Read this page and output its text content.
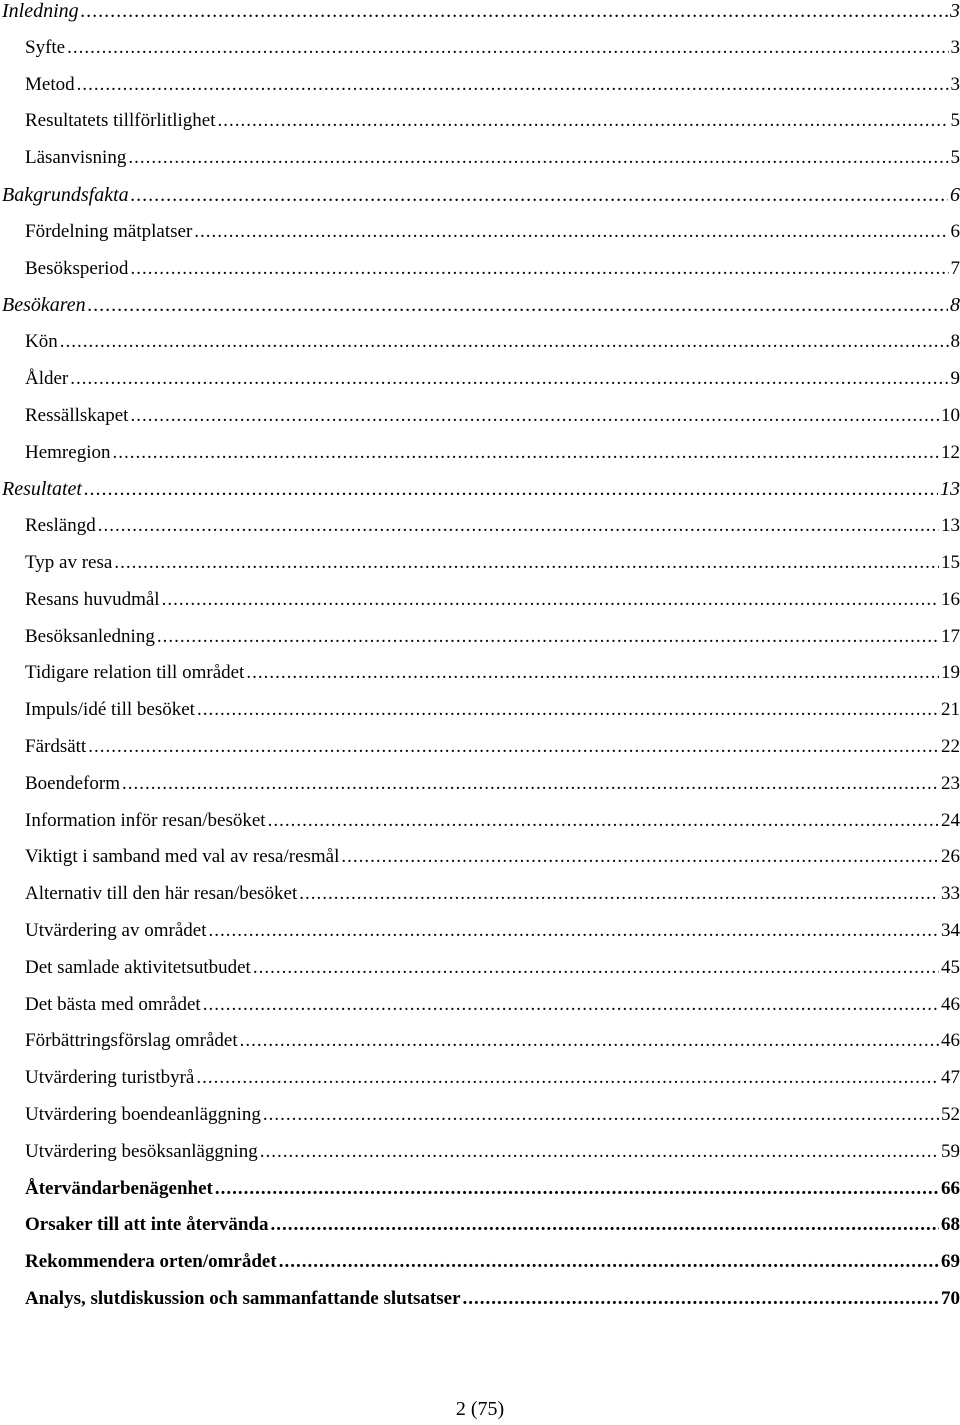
Inledning .....	3
Syfte .....	3
Metod .....	3
Resultatets tillförlitlighet .....	5
Läsanvisning .....	5
Bakgrundsfakta .....	6
Fördelning mätplatser .....	6
Besöksperiod .....	7
Besökaren .....	8
Kön .....	8
Ålder .....	9
Ressällskapet .....	10
Hemregion .....	12
Resultatet .....	13
Reslängd .....	13
Typ av resa .....	15
Resans huvudmål .....	16
Besöksanledning .....	17
Tidigare relation till området .....	19
Impuls/idé till besöket .....	21
Färdsätt .....	22
Boendeform .....	23
Information inför resan/besöket .....	24
Viktigt i samband med val av resa/resmål .....	26
Alternativ till den här resan/besöket .....	33
Utvärdering av området .....	34
Det samlade aktivitetsutbudet .....	45
Det bästa med området .....	46
Förbättringsförslag området .....	46
Utvärdering turistbyrå .....	47
Utvärdering boendeanläggning .....	52
Utvärdering besöksanläggning .....	59
Återvändarbenägenhet .....	66
Orsaker till att inte återvända .....	68
Rekommendera orten/området .....	69
Analys, slutdiskussion och sammanfattande slutsatser .....	70
2 (75)
